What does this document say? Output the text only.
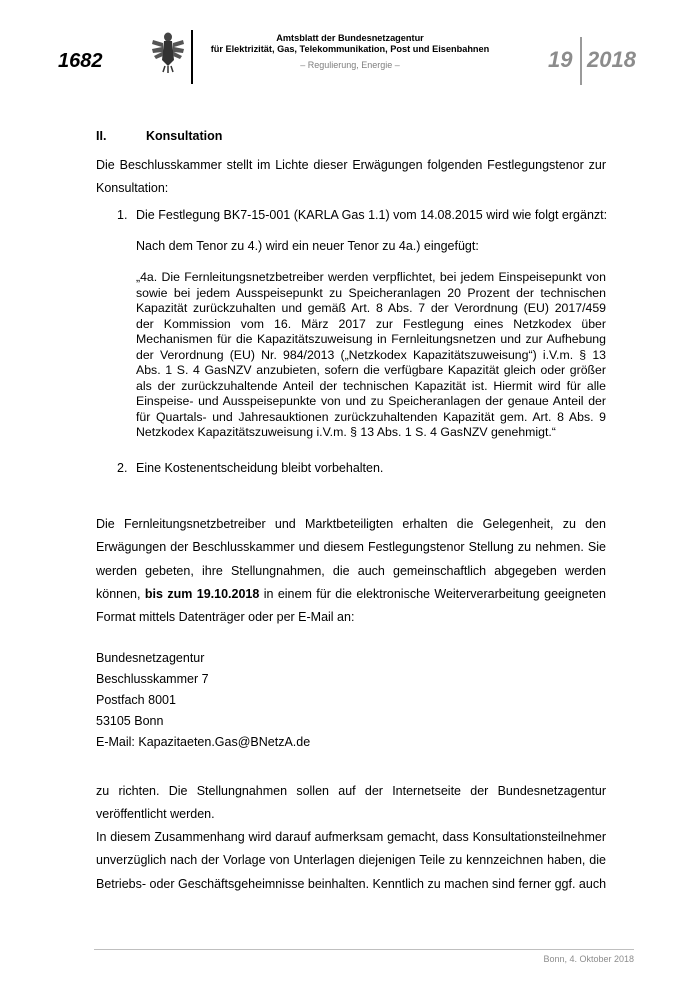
1682
Amtsblatt der Bundesnetzagentur
für Elektrizität, Gas, Telekommunikation, Post und Eisenbahnen
– Regulierung, Energie –	19 2018
II.	Konsultation
Die Beschlusskammer stellt im Lichte dieser Erwägungen folgenden Festlegungstenor zur
Konsultation:
1. Die Festlegung BK7-15-001 (KARLA Gas 1.1) vom 14.08.2015 wird wie folgt ergänzt:
Nach dem Tenor zu 4.) wird ein neuer Tenor zu 4a.) eingefügt:
„4a. Die Fernleitungsnetzbetreiber werden verpflichtet, bei jedem Einspeisepunkt von
sowie bei jedem Ausspeisepunkt zu Speicheranlagen 20 Prozent der technischen
Kapazität zurückzuhalten und gemäß Art. 8 Abs. 7 der Verordnung (EU) 2017/459
der Kommission vom 16. März 2017 zur Festlegung eines Netzkodex über
Mechanismen für die Kapazitätszuweisung in Fernleitungsnetzen und zur Aufhebung
der Verordnung (EU) Nr. 984/2013 („Netzkodex Kapazitätszuweisung“) i.V.m. § 13
Abs. 1 S. 4 GasNZV anzubieten, sofern die verfügbare Kapazität gleich oder größer
als der zurückzuhaltende Anteil der technischen Kapazität ist. Hiermit wird für alle
Einspeise- und Ausspeisepunkte von und zu Speicheranlagen der genaue Anteil der
für Quartals- und Jahresauktionen zurückzuhaltenden Kapazität gem. Art. 8 Abs. 9
Netzkodex Kapazitätszuweisung i.V.m. § 13 Abs. 1 S. 4 GasNZV genehmigt.“
2. Eine Kostenentscheidung bleibt vorbehalten.
Die Fernleitungsnetzbetreiber und Marktbeteiligten erhalten die Gelegenheit, zu den
Erwägungen der Beschlusskammer und diesem Festlegungstenor Stellung zu nehmen. Sie
werden gebeten, ihre Stellungnahmen, die auch gemeinschaftlich abgegeben werden
können, bis zum 19.10.2018 in einem für die elektronische Weiterverarbeitung geeigneten
Format mittels Datenträger oder per E-Mail an:
Bundesnetzagentur
Beschlusskammer 7
Postfach 8001
53105 Bonn
E-Mail: Kapazitaeten.Gas@BNetzA.de
zu richten. Die Stellungnahmen sollen auf der Internetseite der Bundesnetzagentur
veröffentlicht werden.
In diesem Zusammenhang wird darauf aufmerksam gemacht, dass Konsultationsteilnehmer
unverzüglich nach der Vorlage von Unterlagen diejenigen Teile zu kennzeichnen haben, die
Betriebs- oder Geschäftsgeheimnisse beinhalten. Kenntlich zu machen sind ferner ggf. auch
Bonn, 4. Oktober 2018
